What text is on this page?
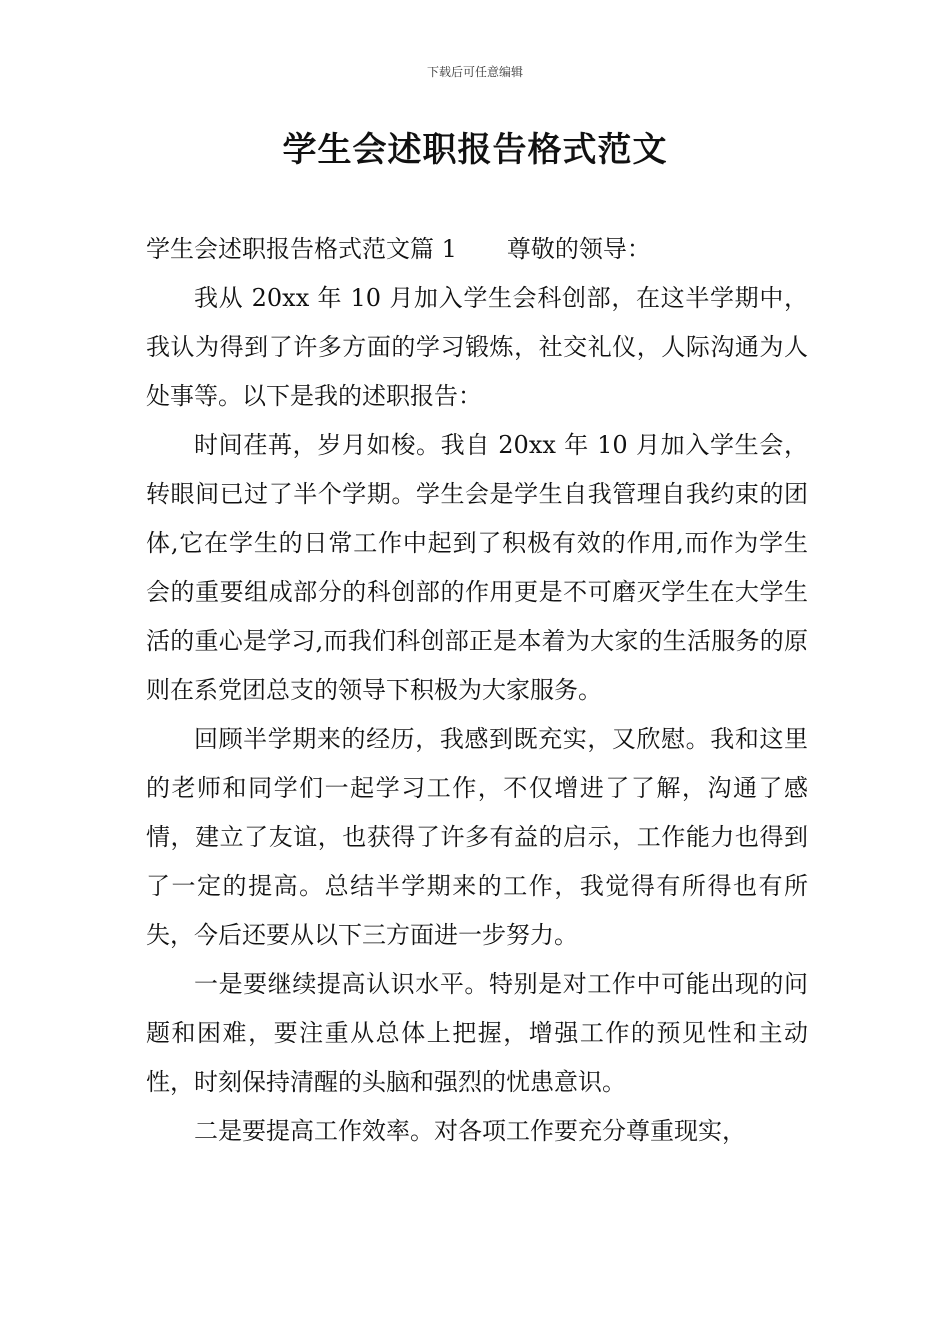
下载后可任意编辑
学生会述职报告格式范文

学生会述职报告格式范文篇 1 尊敬的领导：

我从 20xx 年 10 月加入学生会科创部，在这半学期中，我认为得到了许多方面的学习锻炼，社交礼仪，人际沟通为人处事等。以下是我的述职报告：

时间荏苒，岁月如梭。我自 20xx 年 10 月加入学生会，转眼间已过了半个学期。学生会是学生自我管理自我约束的团体,它在学生的日常工作中起到了积极有效的作用,而作为学生会的重要组成部分的科创部的作用更是不可磨灭学生在大学生活的重心是学习,而我们科创部正是本着为大家的生活服务的原则在系党团总支的领导下积极为大家服务。

回顾半学期来的经历，我感到既充实，又欣慰。我和这里的老师和同学们一起学习工作，不仅增进了了解，沟通了感情，建立了友谊，也获得了许多有益的启示，工作能力也得到了一定的提高。总结半学期来的工作，我觉得有所得也有所失，今后还要从以下三方面进一步努力。

一是要继续提高认识水平。特别是对工作中可能出现的问题和困难，要注重从总体上把握，增强工作的预见性和主动性，时刻保持清醒的头脑和强烈的忧患意识。

二是要提高工作效率。对各项工作要充分尊重现实，
